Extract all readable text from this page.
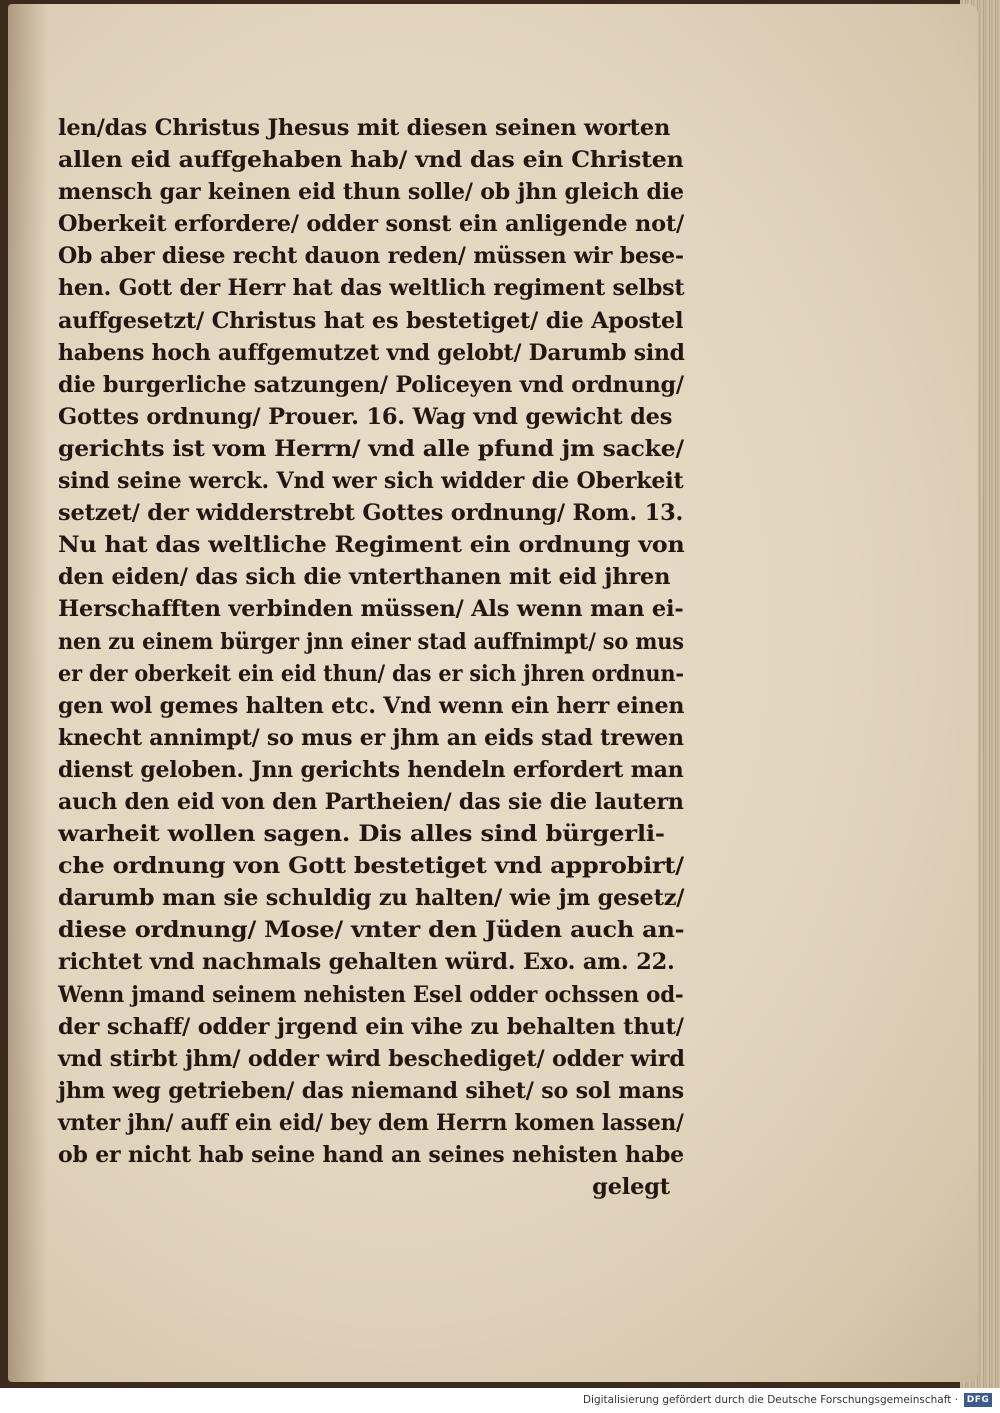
len/das Christus Jhesus mit diesen seinen worten
allen eid auffgehaben hab/ vnd das ein Christen
mensch gar keinen eid thun solle/ ob jhn gleich die
Oberkeit erfordere/ odder sonst ein anligende not/
Ob aber diese recht dauon reden/ müssen wir bese-
hen. Gott der Herr hat das weltlich regiment selbst
auffgesetzt/ Christus hat es bestetiget/ die Apostel
habens hoch auffgemutzet vnd gelobt/ Darumb sind
die burgerliche satzungen/ Policeyen vnd ordnung/
Gottes ordnung/ Prouer. 16. Wag vnd gewicht des
gerichts ist vom Herrn/ vnd alle pfund jm sacke/
sind seine werck. Vnd wer sich widder die Oberkeit
setzet/ der widderstrebt Gottes ordnung/ Rom. 13.
Nu hat das weltliche Regiment ein ordnung von
den eiden/ das sich die vnterthanen mit eid jhren
Herschafften verbinden müssen/ Als wenn man ei-
nen zu einem bürger jnn einer stad auffnimpt/ so mus
er der oberkeit ein eid thun/ das er sich jhren ordnun-
gen wol gemes halten etc. Vnd wenn ein herr einen
knecht annimpt/ so mus er jhm an eids stad trewen
dienst geloben. Jnn gerichts hendeln erfordert man
auch den eid von den Partheien/ das sie die lautern
warheit wollen sagen. Dis alles sind bürgerli-
che ordnung von Gott bestetiget vnd approbirt/
darumb man sie schuldig zu halten/ wie jm gesetz/
diese ordnung/ Mose/ vnter den Jüden auch an-
richtet vnd nachmals gehalten würd. Exo. am. 22.
Wenn jmand seinem nehisten Esel odder ochssen od-
der schaff/ odder jrgend ein vihe zu behalten thut/
vnd stirbt jhm/ odder wird beschediget/ odder wird
jhm weg getrieben/ das niemand sihet/ so sol mans
vnter jhn/ auff ein eid/ bey dem Herrn komen lassen/
ob er nicht hab seine hand an seines nehisten habe
gelegt
Digitalisierung gefördert durch die Deutsche Forschungsgemeinschaft · DFG
